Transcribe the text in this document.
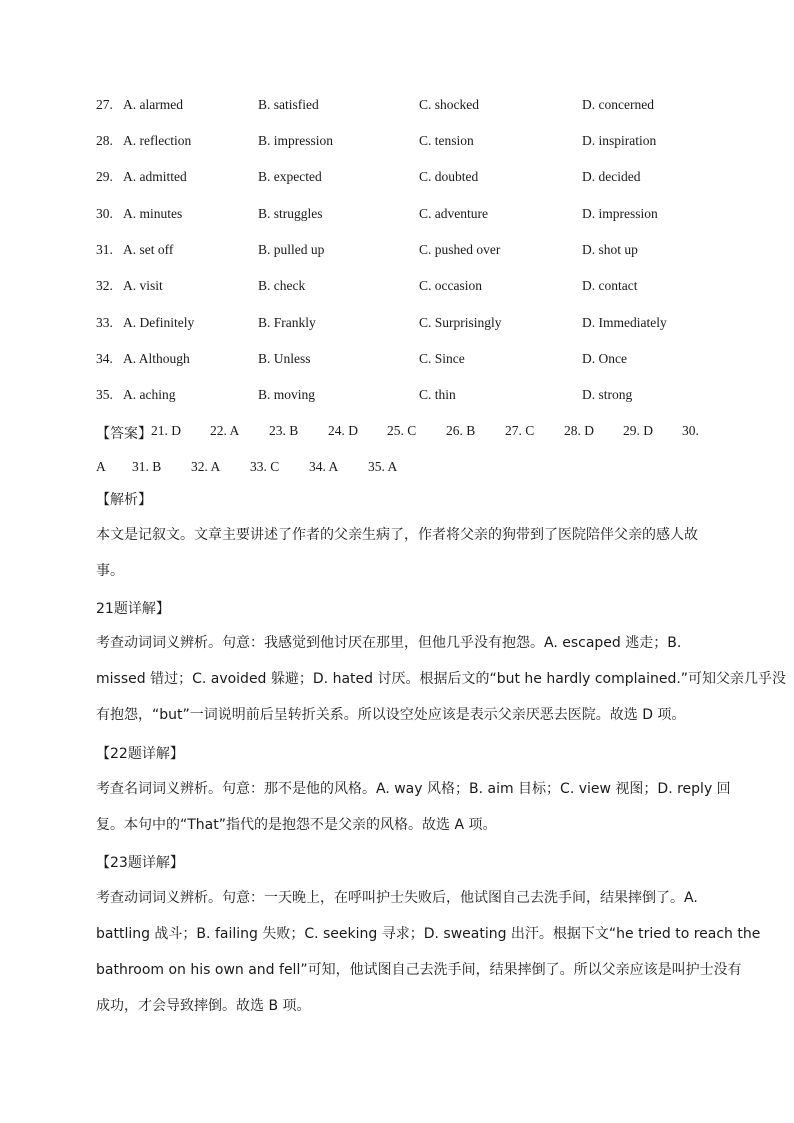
27. A. alarmed	B. satisfied	C. shocked	D. concerned
28. A. reflection	B. impression	C. tension	D. inspiration
29. A. admitted	B. expected	C. doubted	D. decided
30. A. minutes	B. struggles	C. adventure	D. impression
31. A. set off	B. pulled up	C. pushed over	D. shot up
32. A. visit	B. check	C. occasion	D. contact
33. A. Definitely	B. Frankly	C. Surprisingly	D. Immediately
34. A. Although	B. Unless	C. Since	D. Once
35. A. aching	B. moving	C. thin	D. strong
【答案】 21. D 22. A 23. B 24. D 25. C 26. B 27. C 28. D 29. D 30.
A 31. B 32. A 33. C 34. A 35. A
【解析】
本文是记叙文。文章主要讲述了作者的父亲生病了，作者将父亲的狗带到了医院陪伴父亲的感人故
事。
21题详解】
考查动词词义辨析。句意：我感觉到他讨厌在那里，但他几乎没有抱怨。A. escaped 逃走；B.
missed 错过；C. avoided 躲避；D. hated 讨厌。根据后文的“but he hardly complained.”可知父亲几乎没
有抱怨，“but”一词说明前后呈转折关系。所以设空处应该是表示父亲厌恶去医院。故选 D 项。
【22题详解】
考查名词词义辨析。句意：那不是他的风格。A. way 风格；B. aim 目标；C. view 视图；D. reply 回
复。本句中的“That”指代的是抱怨不是父亲的风格。故选 A 项。
【23题详解】
考查动词词义辨析。句意：一天晚上，在呼叫护士失败后，他试图自己去洗手间，结果摔倒了。A.
battling 战斗；B. failing 失败；C. seeking 寻求；D. sweating 出汗。根据下文“he tried to reach the
bathroom on his own and fell”可知，他试图自己去洗手间，结果摔倒了。所以父亲应该是叫护士没有
成功，才会导致摔倒。故选 B 项。
